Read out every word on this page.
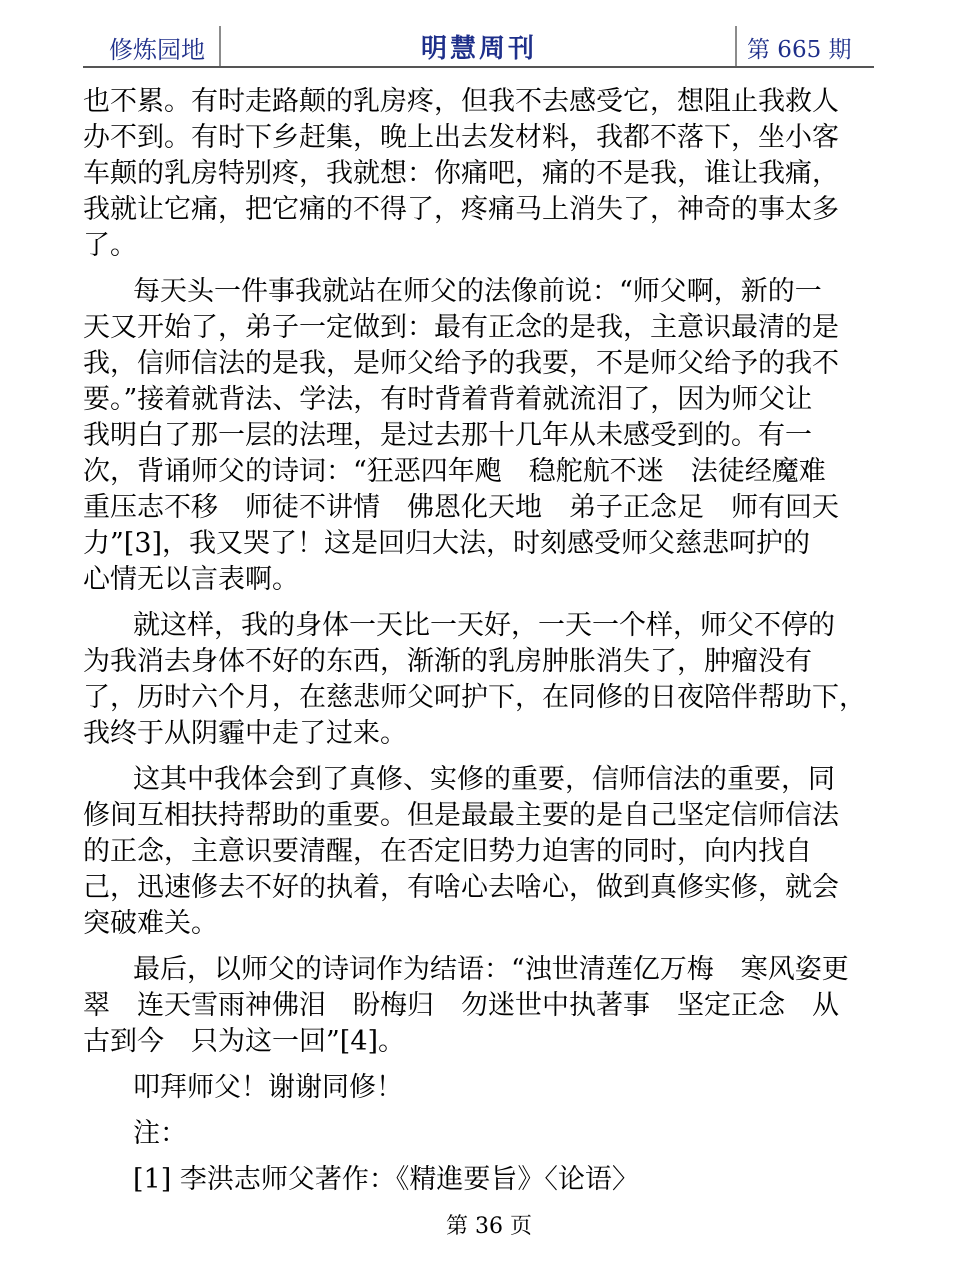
修炼园地	明慧周刊	第 665 期
也不累。有时走路颠的乳房疼，但我不去感受它，想阻止我救人
办不到。有时下乡赶集，晚上出去发材料，我都不落下，坐小客
车颠的乳房特别疼，我就想：你痛吧，痛的不是我，谁让我痛，
我就让它痛，把它痛的不得了，疼痛马上消失了，神奇的事太多
了。
每天头一件事我就站在师父的法像前说：“师父啊，新的一
天又开始了，弟子一定做到：最有正念的是我，主意识最清的是
我，信师信法的是我，是师父给予的我要，不是师父给予的我不
要。”接着就背法、学法，有时背着背着就流泪了，因为师父让
我明白了那一层的法理，是过去那十几年从未感受到的。有一
次，背诵师父的诗词：“狂恶四年飑　稳舵航不迷　法徒经魔难
重压志不移　师徒不讲情　佛恩化天地　弟子正念足　师有回天
力”[3]，我又哭了！这是回归大法，时刻感受师父慈悲呵护的
心情无以言表啊。
就这样，我的身体一天比一天好，一天一个样，师父不停的
为我消去身体不好的东西，渐渐的乳房肿胀消失了，肿瘤没有
了，历时六个月，在慈悲师父呵护下，在同修的日夜陪伴帮助下，
我终于从阴霾中走了过来。
这其中我体会到了真修、实修的重要，信师信法的重要，同
修间互相扶持帮助的重要。但是最最主要的是自己坚定信师信法
的正念，主意识要清醒，在否定旧势力迫害的同时，向内找自
己，迅速修去不好的执着，有啥心去啥心，做到真修实修，就会
突破难关。
最后，以师父的诗词作为结语：“浊世清莲亿万梅　寒风姿更
翠　连天雪雨神佛泪　盼梅归　勿迷世中执著事　坚定正念　从
古到今　只为这一回”[4]。
叩拜师父！谢谢同修！
注：
[1] 李洪志师父著作：《精進要旨》〈论语〉
第 36 页
